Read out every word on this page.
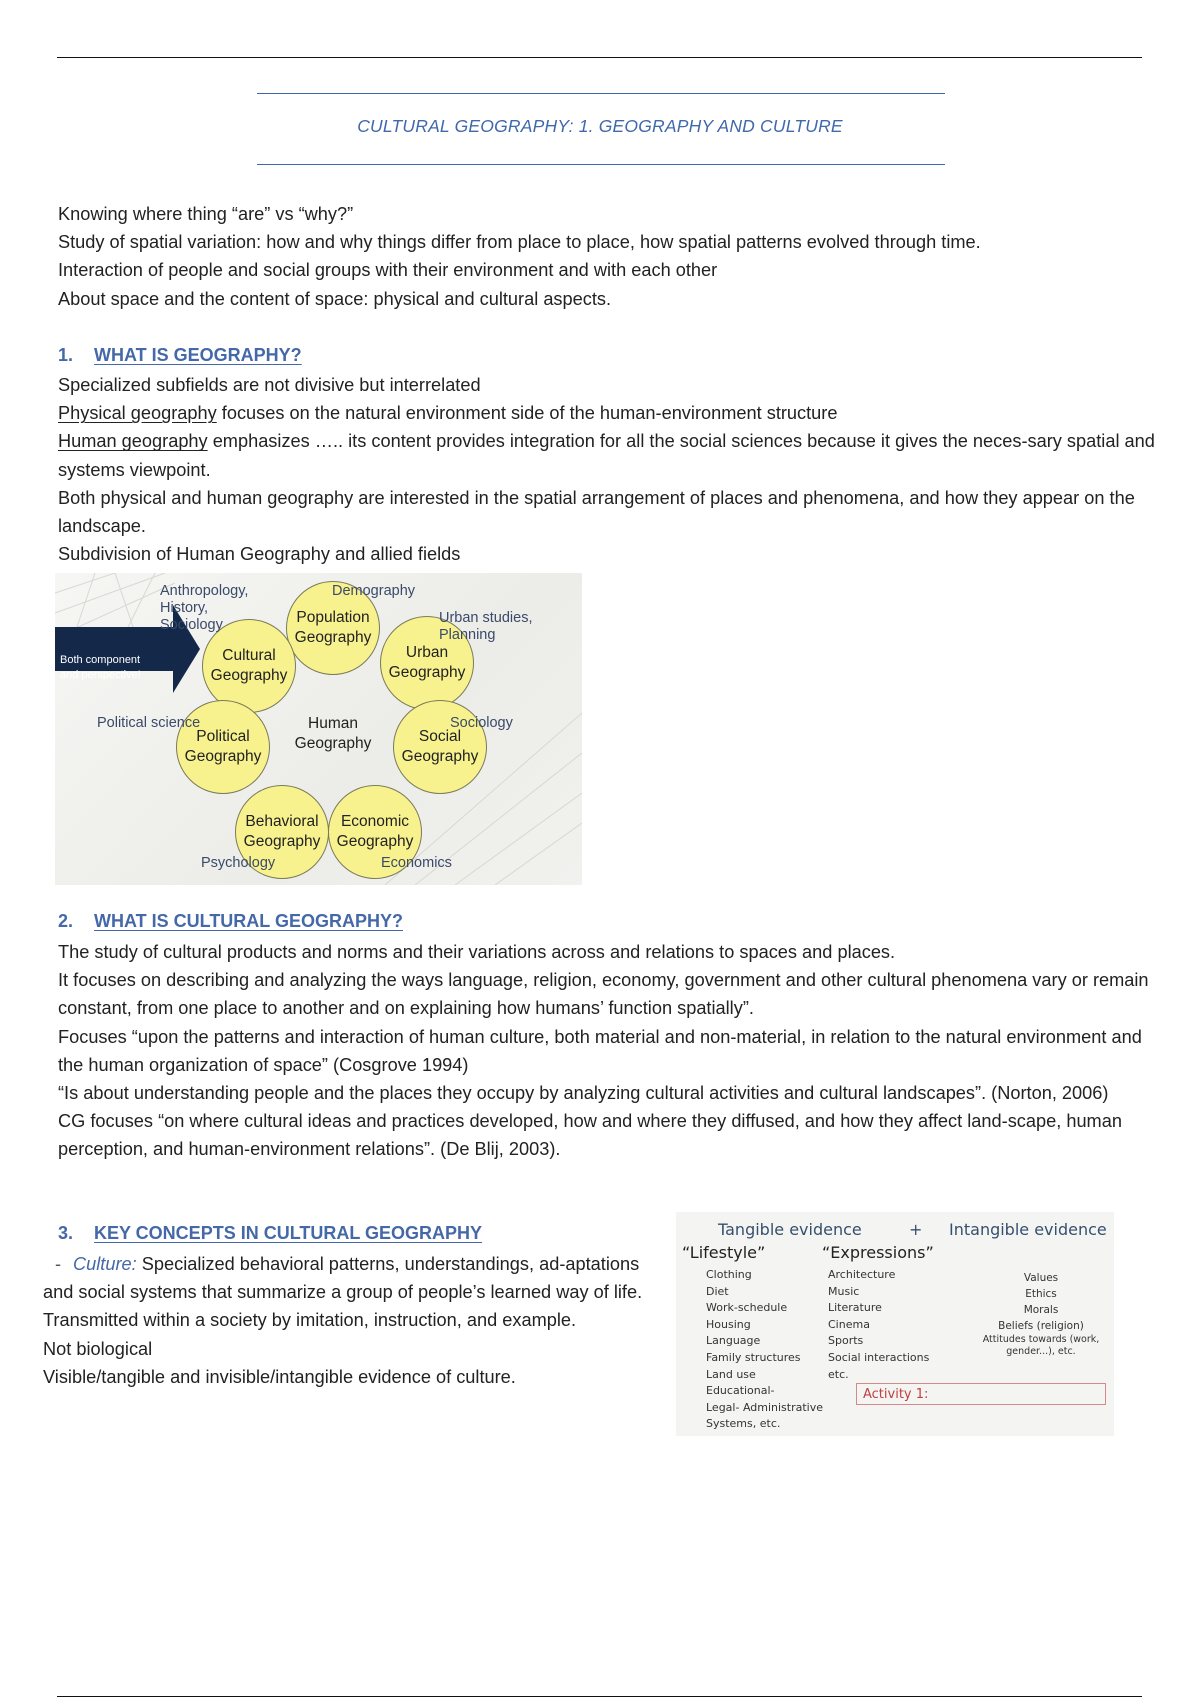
CULTURAL GEOGRAPHY: 1. GEOGRAPHY AND CULTURE

Knowing where thing “are” vs “why?”

Study of spatial variation: how and why things differ from place to place, how spatial patterns evolved through time.

Interaction of people and social groups with their environment and with each other

About space and the content of space: physical and cultural aspects.

1. WHAT IS GEOGRAPHY?

Specialized subfields are not divisive but interrelated

Physical geography focuses on the natural environment side of the human-environment structure

Human geography emphasizes ….. its content provides integration for all the social sciences because it gives the neces-sary spatial and systems viewpoint.

Both physical and human geography are interested in the spatial arrangement of places and phenomena, and how they appear on the landscape.

Subdivision of Human Geography and allied fields

Both component
and perspective!
Population
Geography
Cultural
Geography
Urban
Geography
Political
Geography
Social
Geography
Behavioral
Geography
Economic
Geography
Human
Geography
Anthropology,
History,
Sociology
Demography
Urban studies,
Planning
Political science	Sociology
Psychology	Economics
2. WHAT IS CULTURAL GEOGRAPHY?

The study of cultural products and norms and their variations across and relations to spaces and places.

It focuses on describing and analyzing the ways language, religion, economy, government and other cultural phenomena vary or remain constant, from one place to another and on explaining how humans’ function spatially”.

Focuses “upon the patterns and interaction of human culture, both material and non-material, in relation to the natural environment and the human organization of space” (Cosgrove 1994)

“Is about understanding people and the places they occupy by analyzing cultural activities and cultural landscapes”. (Norton, 2006)

CG focuses “on where cultural ideas and practices developed, how and where they diffused, and how they affect land-scape, human perception, and human-environment relations”. (De Blij, 2003).

3. KEY CONCEPTS IN CULTURAL GEOGRAPHY

- Culture: Specialized behavioral patterns, understandings, ad-aptations and social systems that summarize a group of people’s learned way of life.

Transmitted within a society by imitation, instruction, and example.

Not biological

Visible/tangible and invisible/intangible evidence of culture.

Tangible evidence	+ Intangible evidence
“Lifestyle”	“Expressions”
Clothing
Diet
Work-schedule
Housing
Language
Family structures
Land use
Educational-
Legal- Administrative
Systems, etc.
Architecture
Music
Literature
Cinema
Sports
Social interactions
etc.
Values
Ethics
Morals
Beliefs (religion)
Attitudes towards (work,
gender...), etc.
Activity 1:
